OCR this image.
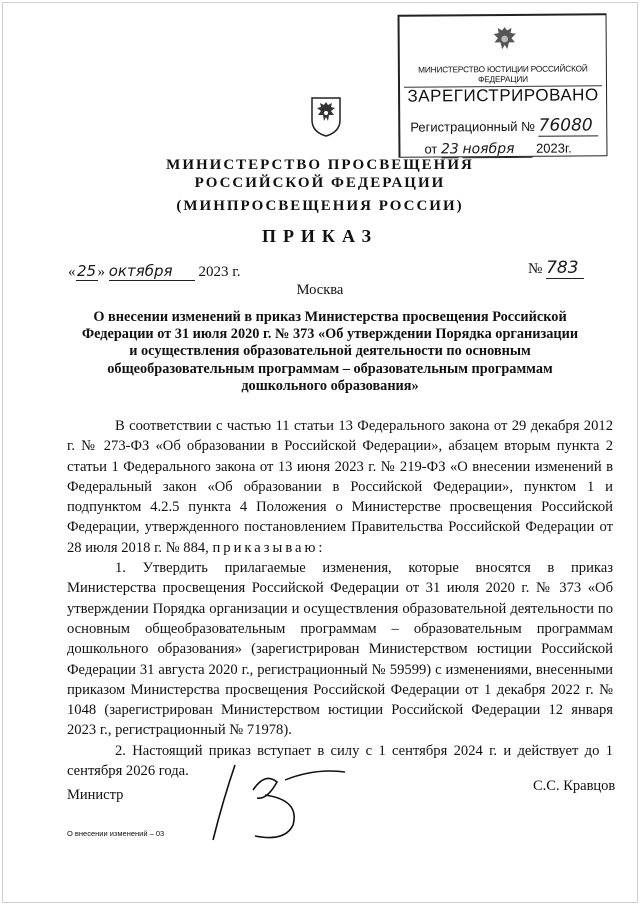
МИНИСТЕРСТВО ЮСТИЦИИ РОССИЙСКОЙ ФЕДЕРАЦИИ
ЗАРЕГИСТРИРОВАНО
Регистрационный № 76080
от 23 ноября 2023г.
МИНИСТЕРСТВО ПРОСВЕЩЕНИЯ
РОССИЙСКОЙ ФЕДЕРАЦИИ
(МИНПРОСВЕЩЕНИЯ РОССИИ)
ПРИКАЗ
«25» октября 2023 г.	№ 783
Москва
О внесении изменений в приказ Министерства просвещения Российской
Федерации от 31 июля 2020 г. № 373 «Об утверждении Порядка организации
и осуществления образовательной деятельности по основным
общеобразовательным программам – образовательным программам
дошкольного образования»

В соответствии с частью 11 статьи 13 Федерального закона от 29 декабря 2012 г. № 273-ФЗ «Об образовании в Российской Федерации», абзацем вторым пункта 2 статьи 1 Федерального закона от 13 июня 2023 г. № 219-ФЗ «О внесении изменений в Федеральный закон «Об образовании в Российской Федерации», пунктом 1 и подпунктом 4.2.5 пункта 4 Положения о Министерстве просвещения Российской Федерации, утвержденного постановлением Правительства Российской Федерации от 28 июля 2018 г. № 884, приказываю:

1. Утвердить прилагаемые изменения, которые вносятся в приказ Министерства просвещения Российской Федерации от 31 июля 2020 г. № 373 «Об утверждении Порядка организации и осуществления образовательной деятельности по основным общеобразовательным программам – образовательным программам дошкольного образования» (зарегистрирован Министерством юстиции Российской Федерации 31 августа 2020 г., регистрационный № 59599) с изменениями, внесенными приказом Министерства просвещения Российской Федерации от 1 декабря 2022 г. № 1048 (зарегистрирован Министерством юстиции Российской Федерации 12 января 2023 г., регистрационный № 71978).

2. Настоящий приказ вступает в силу с 1 сентября 2024 г. и действует до 1 сентября 2026 года.

Министр
С.С. Кравцов
О внесении изменений – 03
